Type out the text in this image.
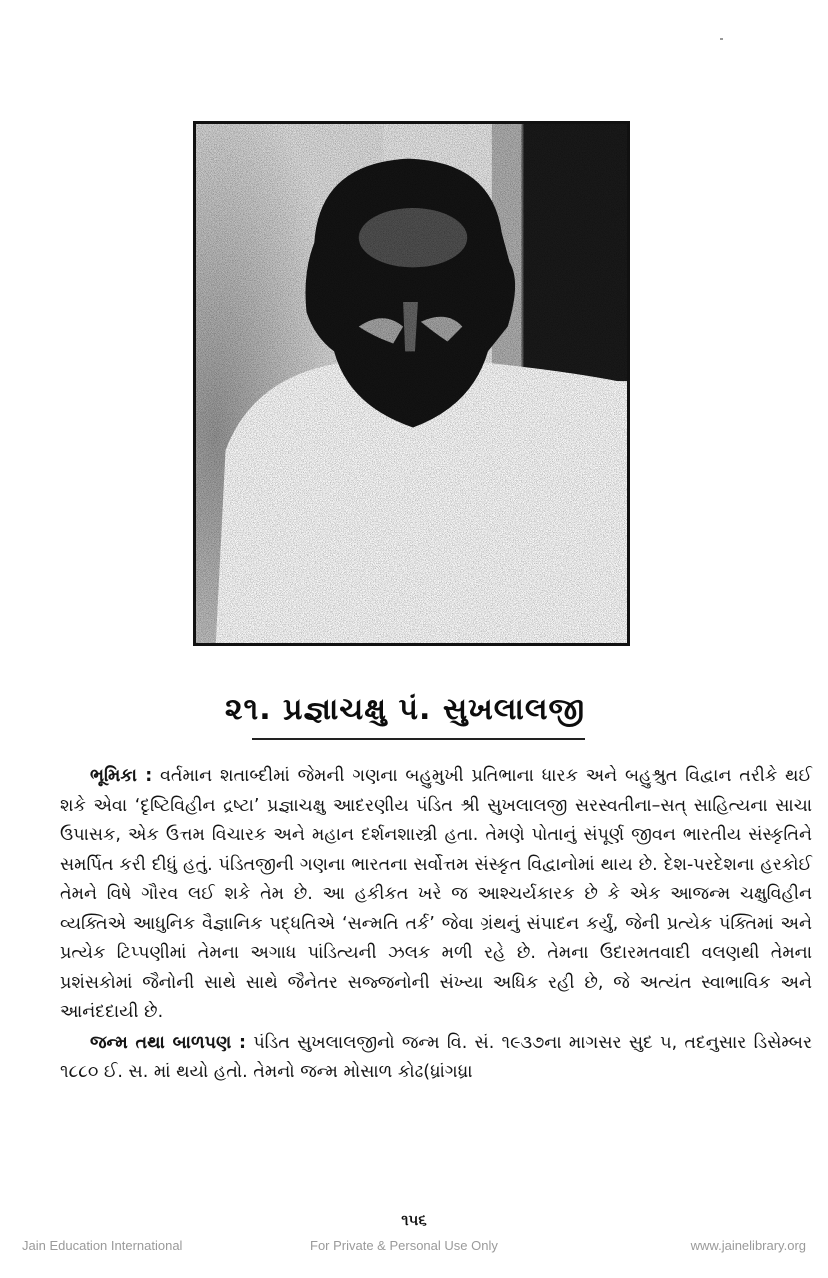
૨૧. પ્રજ્ઞાચક્ષુ પં. સુખલાલજી

ભૂમિકા : વર્તમાન શતાબ્દીમાં જેમની ગણના બહુમુખી પ્રતિભાના ધારક અને બહુશ્રુત વિદ્વાન તરીકે થઈ શકે એવા ‘દૃષ્ટિવિહીન દ્રષ્ટા’ પ્રજ્ઞાચક્ષુ આદરણીય પંડિત શ્રી સુખલાલજી સરસ્વતીના–સત્ સાહિત્યના સાચા ઉપાસક, એક ઉત્તમ વિચારક અને મહાન દર્શનશાસ્ત્રી હતા. તેમણે પોતાનું સંપૂર્ણ જીવન ભારતીય સંસ્કૃતિને સમર્પિત કરી દીધું હતું. પંડિતજીની ગણના ભારતના સર્વોત્તમ સંસ્કૃત વિદ્વાનોમાં થાય છે. દેશ-પરદેશના હરકોઈ તેમને વિષે ગૌરવ લઈ શકે તેમ છે. આ હકીકત ખરે જ આશ્ચર્યકારક છે કે એક આજન્મ ચક્ષુવિહીન વ્યક્તિએ આધુનિક વૈજ્ઞાનિક પદ્ધતિએ ‘સન્મતિ તર્ક’ જેવા ગ્રંથનું સંપાદન કર્યું, જેની પ્રત્યેક પંક્તિમાં અને પ્રત્યેક ટિપ્પણીમાં તેમના અગાધ પાંડિત્યની ઝલક મળી રહે છે. તેમના ઉદારમતવાદી વલણથી તેમના પ્રશંસકોમાં જૈનોની સાથે સાથે જૈનેતર સજ્જનોની સંખ્યા અધિક રહી છે, જે અત્યંત સ્વાભાવિક અને આનંદદાયી છે.

જન્મ તથા બાળપણ : પંડિત સુખલાલજીનો જન્મ વિ. સં. ૧૯૩૭ના માગસર સુદ ૫, તદનુસાર ડિસેમ્બર ૧૮૮૦ ઈ. સ. માં થયો હતો. તેમનો જન્મ મોસાળ કોઢ(ધ્રાંગધ્રા

૧૫૬
Jain Education International	For Private & Personal Use Only	www.jainelibrary.org
